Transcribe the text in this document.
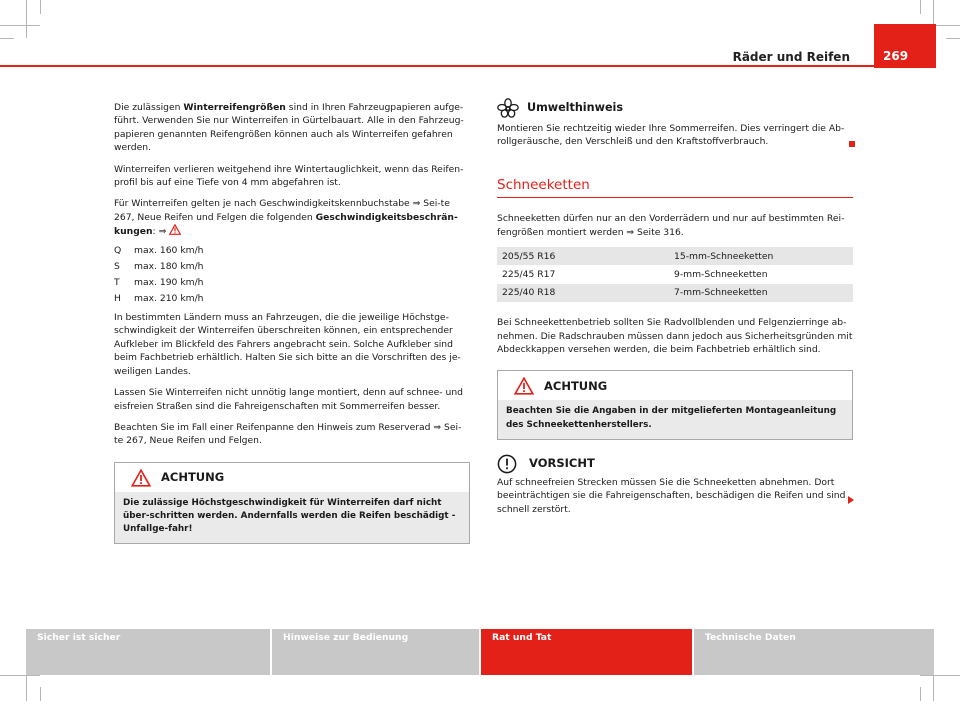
Räder und Reifen	269

Die zulässigen Winterreifengrößen sind in Ihren Fahrzeugpapieren aufge-führt. Verwenden Sie nur Winterreifen in Gürtelbauart. Alle in den Fahrzeug-papieren genannten Reifengrößen können auch als Winterreifen gefahren werden.

Winterreifen verlieren weitgehend ihre Wintertauglichkeit, wenn das Reifen-profil bis auf eine Tiefe von 4 mm abgefahren ist.

Für Winterreifen gelten je nach Geschwindigkeitskennbuchstabe ⇒ Sei-te 267, Neue Reifen und Felgen die folgenden Geschwindigkeitsbeschrän-kungen: ⇒

Q	max. 160 km/h
S	max. 180 km/h
T	max. 190 km/h
H	max. 210 km/h

In bestimmten Ländern muss an Fahrzeugen, die die jeweilige Höchstge-schwindigkeit der Winterreifen überschreiten können, ein entsprechender Aufkleber im Blickfeld des Fahrers angebracht sein. Solche Aufkleber sind beim Fachbetrieb erhältlich. Halten Sie sich bitte an die Vorschriften des je-weiligen Landes.

Lassen Sie Winterreifen nicht unnötig lange montiert, denn auf schnee- und eisfreien Straßen sind die Fahreigenschaften mit Sommerreifen besser.

Beachten Sie im Fall einer Reifenpanne den Hinweis zum Reserverad ⇒ Sei-te 267, Neue Reifen und Felgen.

ACHTUNG
Die zulässige Höchstgeschwindigkeit für Winterreifen darf nicht über-schritten werden. Andernfalls werden die Reifen beschädigt - Unfallge-fahr!
Umwelthinweis

Montieren Sie rechtzeitig wieder Ihre Sommerreifen. Dies verringert die Ab-rollgeräusche, den Verschleiß und den Kraftstoffverbrauch.

Schneeketten

Schneeketten dürfen nur an den Vorderrädern und nur auf bestimmten Rei-fengrößen montiert werden ⇒ Seite 316.

205/55 R16	15-mm-Schneeketten
225/45 R17	9-mm-Schneeketten
225/40 R18	7-mm-Schneeketten

Bei Schneekettenbetrieb sollten Sie Radvollblenden und Felgenzierringe ab-nehmen. Die Radschrauben müssen dann jedoch aus Sicherheitsgründen mit Abdeckkappen versehen werden, die beim Fachbetrieb erhältlich sind.

ACHTUNG
Beachten Sie die Angaben in der mitgelieferten Montageanleitung des Schneekettenherstellers.
VORSICHT

Auf schneefreien Strecken müssen Sie die Schneeketten abnehmen. Dort beeinträchtigen sie die Fahreigenschaften, beschädigen die Reifen und sind schnell zerstört.

Sicher ist sicher	Hinweise zur Bedienung	Rat und Tat	Technische Daten
